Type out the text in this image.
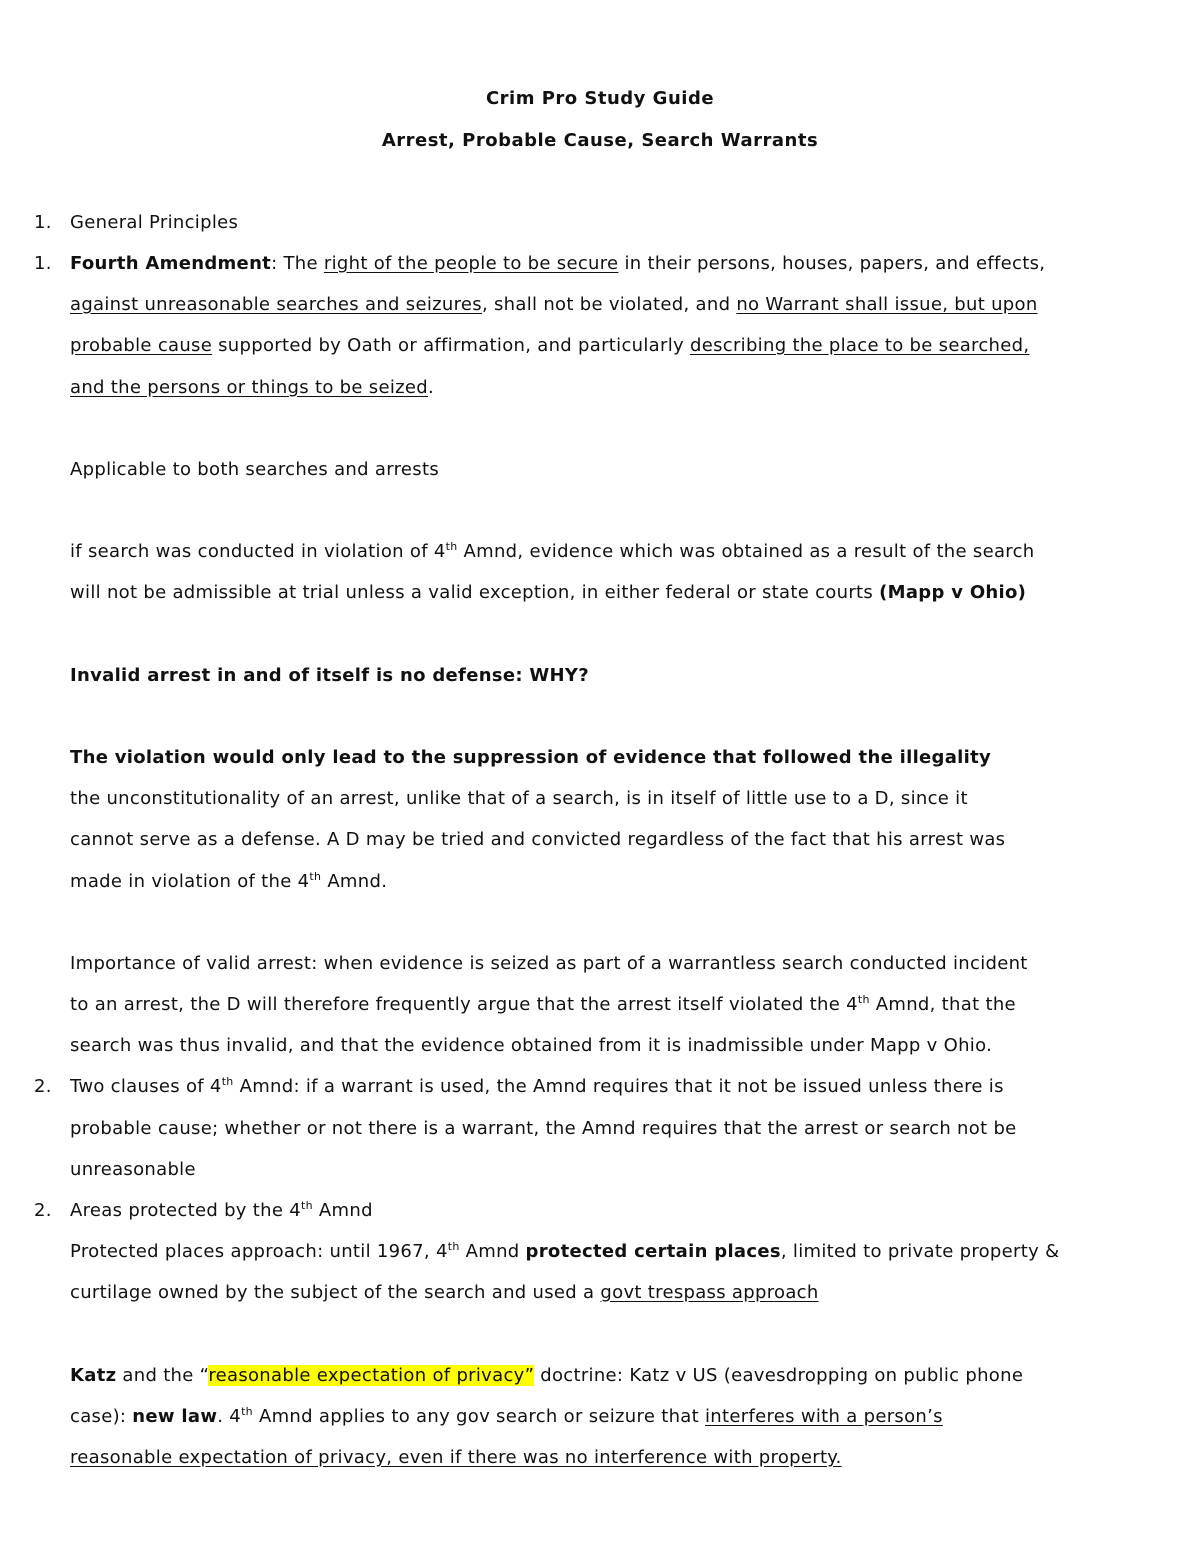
Crim Pro Study Guide
Arrest, Probable Cause, Search Warrants
1. General Principles
1. Fourth Amendment: The right of the people to be secure in their persons, houses, papers, and effects,
against unreasonable searches and seizures, shall not be violated, and no Warrant shall issue, but upon
probable cause supported by Oath or affirmation, and particularly describing the place to be searched,
and the persons or things to be seized.
Applicable to both searches and arrests
if search was conducted in violation of 4th Amnd, evidence which was obtained as a result of the search
will not be admissible at trial unless a valid exception, in either federal or state courts (Mapp v Ohio)
Invalid arrest in and of itself is no defense: WHY?
The violation would only lead to the suppression of evidence that followed the illegality
the unconstitutionality of an arrest, unlike that of a search, is in itself of little use to a D, since it
cannot serve as a defense. A D may be tried and convicted regardless of the fact that his arrest was
made in violation of the 4th Amnd.
Importance of valid arrest: when evidence is seized as part of a warrantless search conducted incident
to an arrest, the D will therefore frequently argue that the arrest itself violated the 4th Amnd, that the
search was thus invalid, and that the evidence obtained from it is inadmissible under Mapp v Ohio.
2. Two clauses of 4th Amnd: if a warrant is used, the Amnd requires that it not be issued unless there is
probable cause; whether or not there is a warrant, the Amnd requires that the arrest or search not be
unreasonable
2. Areas protected by the 4th Amnd
Protected places approach: until 1967, 4th Amnd protected certain places, limited to private property &
curtilage owned by the subject of the search and used a govt trespass approach
Katz and the “reasonable expectation of privacy” doctrine: Katz v US (eavesdropping on public phone
case): new law. 4th Amnd applies to any gov search or seizure that interferes with a person’s
reasonable expectation of privacy, even if there was no interference with property.
